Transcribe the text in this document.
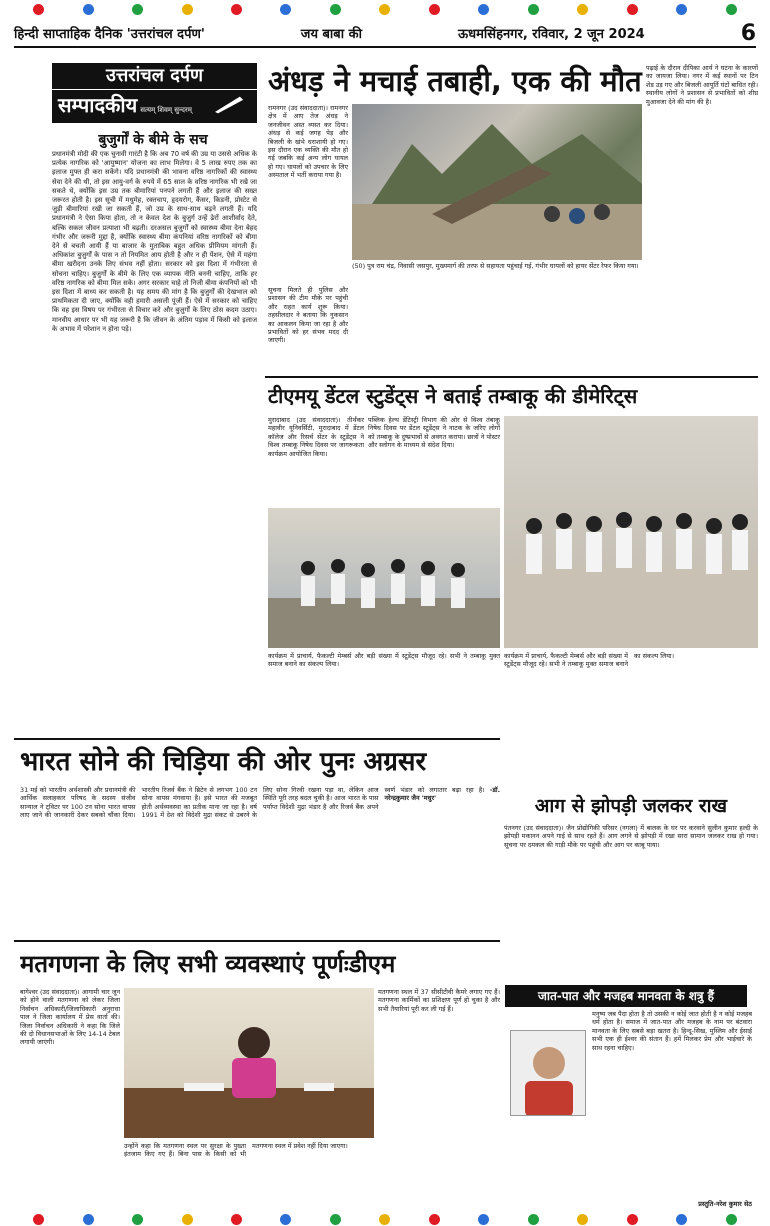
हिन्दी साप्ताहिक दैनिक 'उत्तरांचल दर्पण'	जय बाबा की	ऊधमसिंहनगर, रविवार, 2 जून 2024	6
उत्तरांचल दर्पण
सम्पादकीय सत्यम् शिवम् सुन्दरम्
बुजुर्गों के बीमे के सच
प्रधानमंत्री मोदी की एक चुनावी गारंटी है कि अब 70 वर्ष की उम्र या उससे अधिक के प्रत्येक नागरिक को 'आयुष्मान' योजना का लाभ मिलेगा। वे 5 लाख रुपए तक का इलाज मुफ्त ही करा सकेंगे। यदि प्रधानमंत्री की भावना वरिष्ठ नागरिकों की स्वास्थ्य सेवा देने की थी, तो इस आयु-वर्ग के रुपये में 65 साल के वरिष्ठ नागरिक भी रखे जा सकते थे, क्योंकि इस उम्र तक बीमारियां पनपने लगती हैं और इलाज की सख्त जरूरत होती है। इस सूची में मधुमेह, रक्तचाप, हृदयरोग, कैंसर, किडनी, प्रोस्टेट से जुड़ी बीमारियां रखी जा सकती हैं, जो उम्र के साथ-साथ बढ़ने लगती हैं। यदि प्रधानमंत्री ने ऐसा किया होता, तो न केवल देश के बुजुर्ग उन्हें ढेरों आशीर्वाद देते, बल्कि सकल जीवन प्रत्याशा भी बढ़ती। दरअसल बुजुर्गों को स्वास्थ्य बीमा देना बेहद गंभीर और जरूरी मुद्दा है, क्योंकि स्वास्थ्य बीमा कंपनियां वरिष्ठ नागरिकों को बीमा देने से बचती आयी हैं या बाजार के मुताबिक बहुत अधिक प्रीमियम मांगती हैं। अधिकांश बुजुर्गों के पास न तो नियमित आय होती है और न ही पेंशन, ऐसे में महंगा बीमा खरीदना उनके लिए संभव नहीं होता। सरकार को इस दिशा में गंभीरता से सोचना चाहिए। बुजुर्गों के बीमे के लिए एक व्यापक नीति बननी चाहिए, ताकि हर वरिष्ठ नागरिक को बीमा मिल सके। अगर सरकार चाहे तो निजी बीमा कंपनियों को भी इस दिशा में बाध्य कर सकती है। यह समय की मांग है कि बुजुर्गों की देखभाल को प्राथमिकता दी जाए, क्योंकि वही हमारी असली पूंजी हैं। ऐसे में सरकार को चाहिए कि वह इस विषय पर गंभीरता से विचार करे और बुजुर्गों के लिए ठोस कदम उठाए। मानवीय आधार पर भी यह जरूरी है कि जीवन के अंतिम पड़ाव में किसी को इलाज के अभाव में परेशान न होना पड़े।
अंधड़ ने मचाई तबाही, एक की मौत
रामनगर (उद संवाददाता)। रामनगर क्षेत्र में आए तेज अंधड़ ने जनजीवन अस्त व्यस्त कर दिया। अंधड़ से कई जगह पेड़ और बिजली के खंभे धराशायी हो गए। इस दौरान एक व्यक्ति की मौत हो गई जबकि कई अन्य लोग घायल हो गए। घायलों को उपचार के लिए अस्पताल में भर्ती कराया गया है।
पढ़ाई के दौरान दीपिका आर्य ने घटना के कारणों का जायजा लिया। नगर में कई स्थानों पर टिन शेड उड़ गए और बिजली आपूर्ति घंटों बाधित रही। स्थानीय लोगों ने प्रशासन से प्रभावितों को शीघ्र मुआवजा देने की मांग की है।
(50) पुत्र राम चंद्र, निवासी जसपुर, मुख्यमार्ग की तरफ से सहायता पहुंचाई गई, गंभीर घायलों को हायर सेंटर रेफर किया गया।
सूचना मिलते ही पुलिस और प्रशासन की टीम मौके पर पहुंची और राहत कार्य शुरू किया। तहसीलदार ने बताया कि नुकसान का आकलन किया जा रहा है और प्रभावितों को हर संभव मदद दी जाएगी।
टीएमयू डेंटल स्टुडेंट्स ने बताई तम्बाकू की डीमेरिट्स
मुरादाबाद (उद संवाददाता)। तीर्थंकर महावीर यूनिवर्सिटी, मुरादाबाद में डेंटल कॉलेज और रिसर्च सेंटर के स्टुडेंट्स ने विश्व तम्बाकू निषेध दिवस पर जागरूकता कार्यक्रम आयोजित किया।
पब्लिक हेल्थ डेंटिस्ट्री विभाग की ओर से विश्व तंबाकू निषेध दिवस पर डेंटल स्टूडेंट्स ने नाटक के जरिए लोगों को तम्बाकू के दुष्प्रभावों से अवगत कराया। छात्रों ने पोस्टर और स्लोगन के माध्यम से संदेश दिया।
कार्यक्रम में प्राचार्य, फैकल्टी मेम्बर्स और बड़ी संख्या में स्टूडेंट्स मौजूद रहे। सभी ने तम्बाकू मुक्त समाज बनाने का संकल्प लिया।
भारत सोने की चिड़िया की ओर पुनः अग्रसर
31 मई को भारतीय अर्थशास्त्री और प्रधानमंत्री की आर्थिक सलाहकार परिषद के सदस्य संजीव सान्याल ने ट्विटर पर 100 टन सोना भारत वापस लाए जाने की जानकारी देकर सबको चौंका दिया। भारतीय रिजर्व बैंक ने ब्रिटेन से लगभग 100 टन सोना वापस मंगवाया है। इसे भारत की मजबूत होती अर्थव्यवस्था का प्रतीक माना जा रहा है। वर्ष 1991 में देश को विदेशी मुद्रा संकट से उबरने के लिए सोना गिरवी रखना पड़ा था, लेकिन आज स्थिति पूरी तरह बदल चुकी है। आज भारत के पास पर्याप्त विदेशी मुद्रा भंडार है और रिजर्व बैंक अपने स्वर्ण भंडार को लगातार बढ़ा रहा है। -डॉ. नरेन्द्रकुमार जैन 'मधुर'
कार्यक्रम में प्राचार्य, फैकल्टी मेम्बर्स और बड़ी संख्या में स्टूडेंट्स मौजूद रहे। सभी ने तम्बाकू मुक्त समाज बनाने का संकल्प लिया।
आग से झोपड़ी जलकर राख
पंतनगर (उद संवाददाता)। जैन प्रोद्योगिकी परिसर (नगला) में बालक के घर पर करवाने सुलीन कुमार हल्दी के झोपड़ी मकानन अपने गाई से साथ रहते हैं। आग लगने से झोपड़ी में रखा सारा सामान जलकर राख हो गया। सूचना पर दमकल की गाड़ी मौके पर पहुंची और आग पर काबू पाया।
मतगणना के लिए सभी व्यवस्थाएं पूर्णःडीएम
बागेश्वर (उद संवाददाता)। आगामी चार जून को होने वाली मतगणना को लेकर जिला निर्वाचन अधिकारी/जिलाधिकारी अनुराधा पाल ने जिला कार्यालय में प्रेस वार्ता की। जिला निर्वाचन अधिकारी ने कहा कि जिले की दो विधानसभाओं के लिए 14-14 टेबल लगायी जाएंगी।
उन्होंने कहा कि मतगणना स्थल पर सुरक्षा के पुख्ता इंतजाम किए गए हैं। बिना पास के किसी को भी मतगणना स्थल में प्रवेश नहीं दिया जाएगा।
मतगणना स्थल में 37 सीसीटीवी कैमरे लगाए गए हैं। मतगणना कार्मिकों का प्रशिक्षण पूर्ण हो चुका है और सभी तैयारियां पूरी कर ली गई हैं।
जात-पात और मजहब मानवता के शत्रु हैं
मनुष्य जब पैदा होता है तो उसकी न कोई जात होती है न कोई मजहब धर्म होता है। समाज में जात-पात और मजहब के नाम पर बंटवारा मानवता के लिए सबसे बड़ा खतरा है। हिन्दू-सिख, मुस्लिम और ईसाई सभी एक ही ईश्वर की संतान हैं। हमें मिलकर प्रेम और भाईचारे के साथ रहना चाहिए।
प्रस्तुति-नरेश कुमार सेठ
